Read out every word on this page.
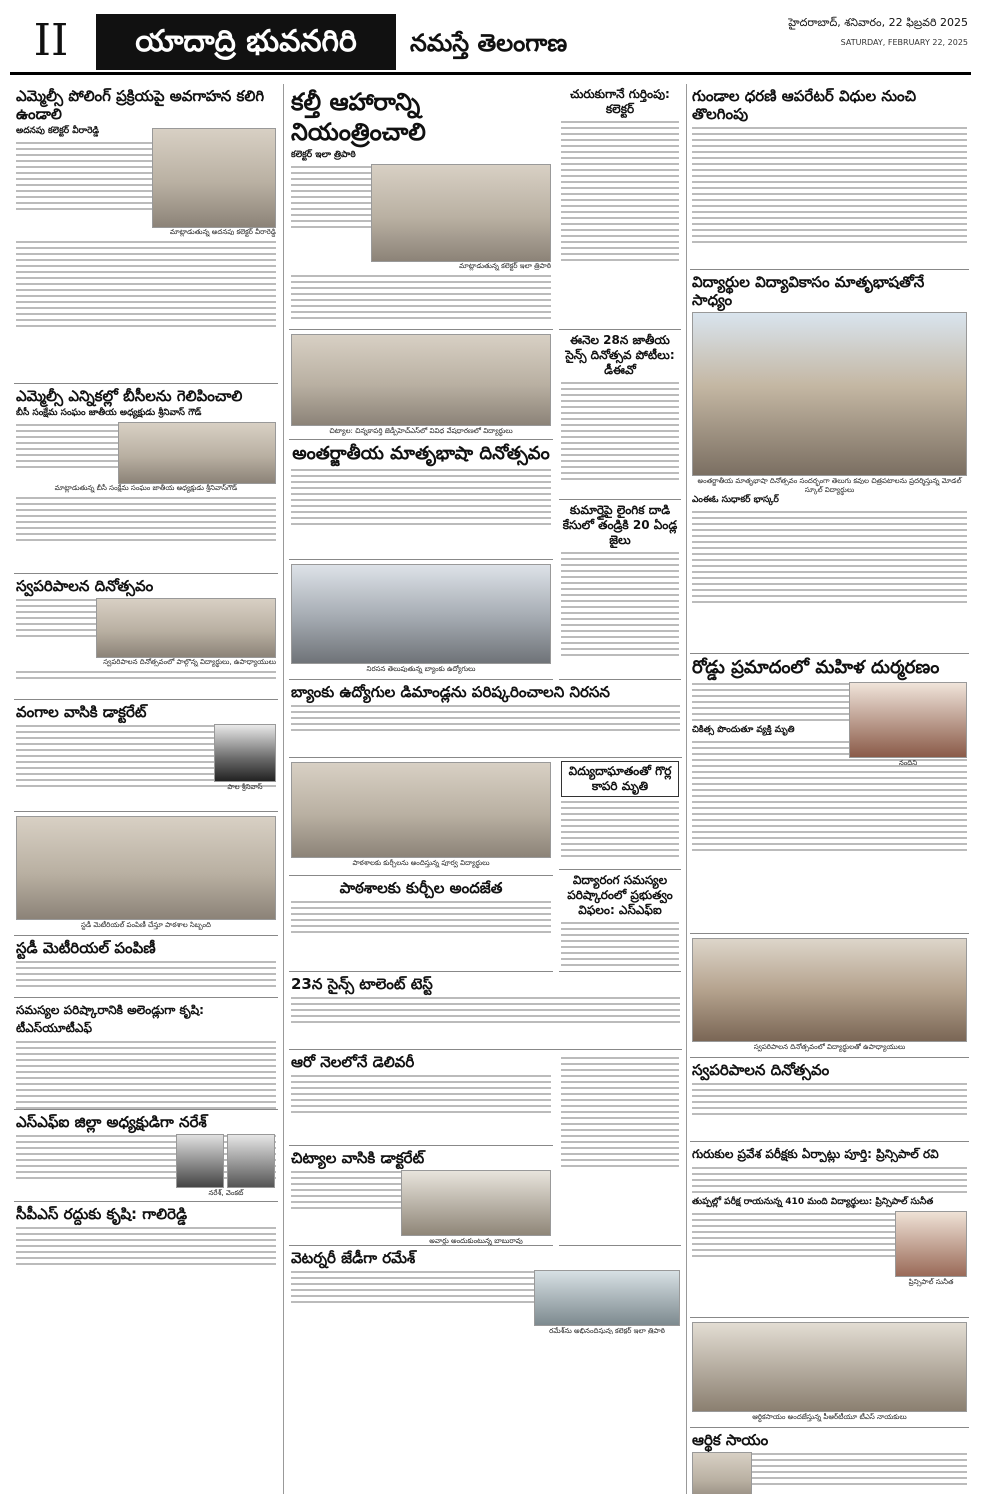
II	యాదాద్రి భువనగిరి	నమస్తే తెలంగాణ
హైదరాబాద్, శనివారం, 22 ఫిబ్రవరి 2025
SATURDAY, FEBRUARY 22, 2025
ఎమ్మెల్సీ పోలింగ్ ప్రక్రియపై అవగాహన కలిగి ఉండాలి
అదనపు కలెక్టర్ వీరారెడ్డి
మాట్లాడుతున్న అదనపు కలెక్టర్ వీరారెడ్డి
ఎమ్మెల్సీ ఎన్నికల్లో బీసీలను గెలిపించాలి
బీసీ సంక్షేమ సంఘం జాతీయ అధ్యక్షుడు శ్రీనివాస్ గౌడ్
మాట్లాడుతున్న బీసీ సంక్షేమ సంఘం జాతీయ అధ్యక్షుడు శ్రీనివాస్‌గౌడ్
స్వపరిపాలన దినోత్సవం
స్వపరిపాలన దినోత్సవంలో పాల్గొన్న విద్యార్థులు, ఉపాధ్యాయులు
వంగాల వాసికి డాక్టరేట్
పాల శ్రీనివాస్
స్టడీ మెటీరియల్ పంపిణీ చేస్తూ పాఠశాల సిబ్బంది
స్టడీ మెటీరియల్ పంపిణీ
సమస్యల పరిష్కారానికి అలెండ్లుగా కృషి: టీఎస్‌యూటీఎఫ్
ఎస్ఎఫ్ఐ జిల్లా అధ్యక్షుడిగా నరేశ్
నరేశ్, వెంకట్
సీపీఎస్ రద్దుకు కృషి: గాలిరెడ్డి
కల్తీ ఆహారాన్ని నియంత్రించాలి
కలెక్టర్ ఇలా త్రిపాఠి
మాట్లాడుతున్న కలెక్టర్ ఇలా త్రిపాఠి
చురుకుగానే గుర్తింపు: కలెక్టర్
చిట్యాల: చిన్నకాపర్తి జెడ్పీహెచ్ఎస్‌లో వివిధ వేషధారణలో విద్యార్థులు
అంతర్జాతీయ మాతృభాషా దినోత్సవం
నిరసన తెలుపుతున్న బ్యాంకు ఉద్యోగులు
ఈనెల 28న జాతీయ సైన్స్ దినోత్సవ పోటీలు: డీఈవో
కుమార్తైపై లైంగిక దాడి కేసులో తండ్రికి 20 ఏండ్ల జైలు
బ్యాంకు ఉద్యోగుల డిమాండ్లను పరిష్కరించాలని నిరసన
పాఠశాలకు కుర్చీలను అందిస్తున్న పూర్వ విద్యార్థులు
పాఠశాలకు కుర్చీల అందజేత
విద్యుదాఘాతంతో గొర్ల కాపరి మృతి
విద్యారంగ సమస్యల పరిష్కారంలో ప్రభుత్వం విఫలం: ఎస్ఎఫ్ఐ
23న సైన్స్ టాలెంట్ టెస్ట్
ఆరో నెలలోనే డెలివరీ
చిట్యాల వాసికి డాక్టరేట్
అవార్డు అందుకుంటున్న బాబురావు
వెటర్నరీ జేడీగా రమేశ్
రమేశ్‌ను అభినందిస్తున్న కలెక్టర్ ఇలా త్రిపాఠి
గుండాల ధరణి ఆపరేటర్ విధుల నుంచి తొలగింపు
విద్యార్థుల విద్యావికాసం మాతృభాషతోనే సాధ్యం
అంతర్జాతీయ మాతృభాషా దినోత్సవం సందర్భంగా తెలుగు కవుల చిత్రపటాలను ప్రదర్శిస్తున్న మోడల్ స్కూల్ విద్యార్థులు
ఎంఈఓ సుధాకర్ భాస్కర్
రోడ్డు ప్రమాదంలో మహిళ దుర్మరణం
నందిని
చికిత్స పొందుతూ వ్యక్తి మృతి
స్వపరిపాలన దినోత్సవంలో విద్యార్థులతో ఉపాధ్యాయులు
స్వపరిపాలన దినోత్సవం
గురుకుల ప్రవేశ పరీక్షకు ఏర్పాట్లు పూర్తి: ప్రిన్సిపాల్ రవి
తుప్పల్లో పరీక్ష రాయనున్న 410 మంది విద్యార్థులు: ప్రిన్సిపాల్ సునీత
ప్రిన్సిపాల్ సునీత
ఆర్థికసాయం అందజేస్తున్న పీఆర్‌టీయూ టీఎస్ నాయకులు
ఆర్థిక సాయం
